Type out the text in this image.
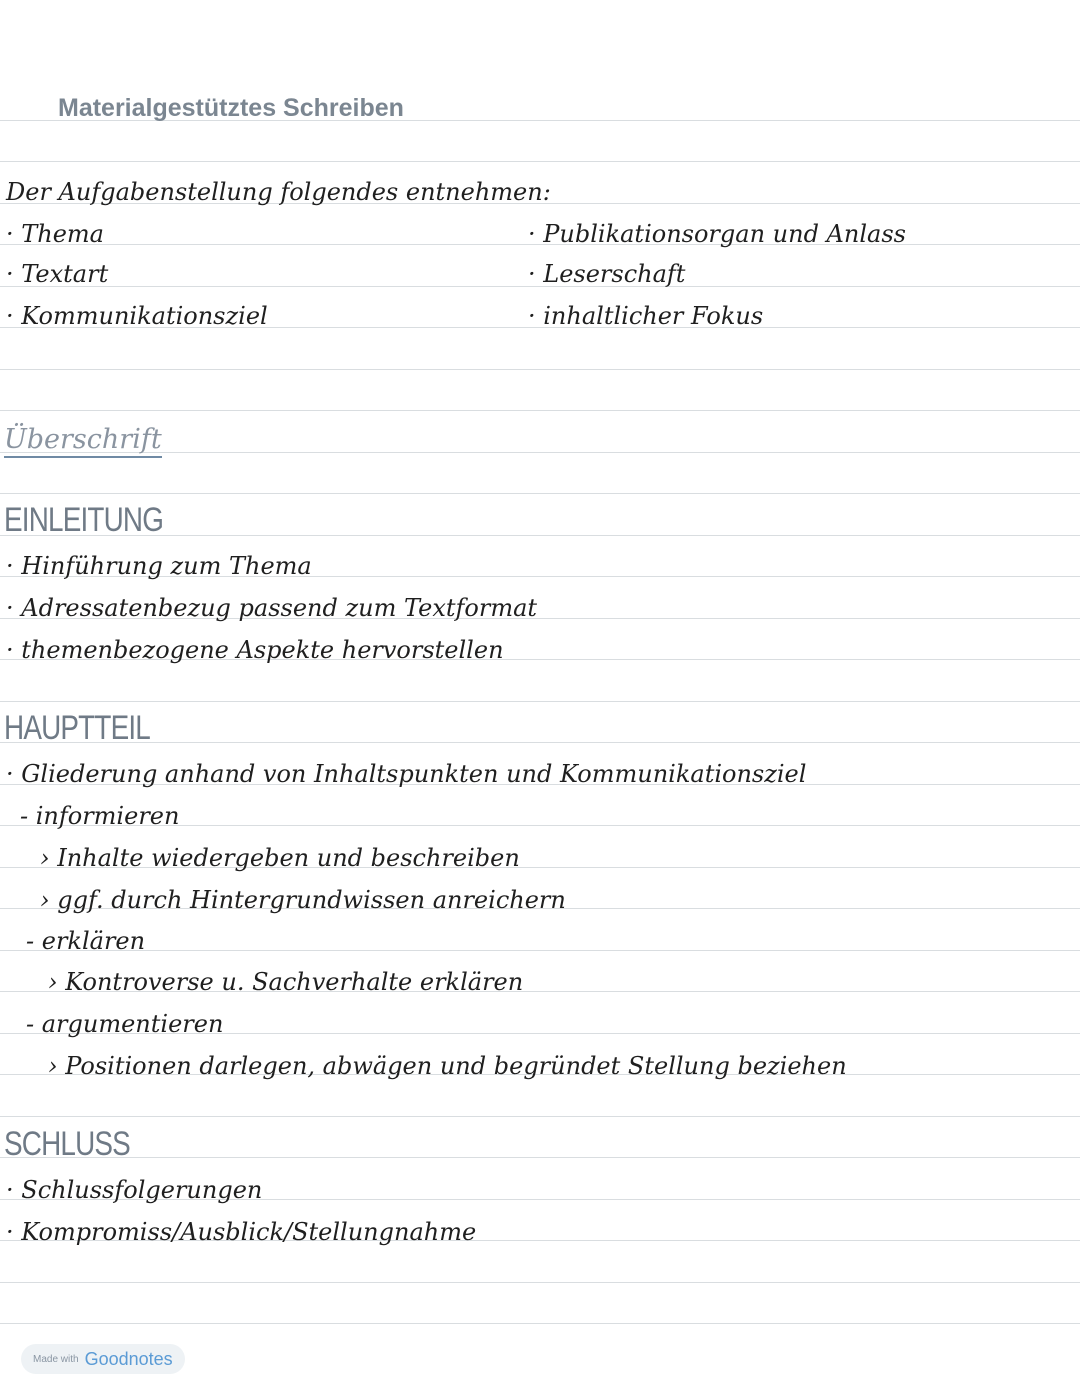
Materialgestütztes Schreiben
Der Aufgabenstellung folgendes entnehmen:
· Thema
· Textart
· Kommunikationsziel
· Publikationsorgan und Anlass
· Leserschaft
· inhaltlicher Fokus
Überschrift
EINLEITUNG
· Hinführung zum Thema
· Adressatenbezug passend zum Textformat
· themenbezogene Aspekte hervorstellen
HAUPTTEIL
· Gliederung anhand von Inhaltspunkten und Kommunikationsziel
- informieren
› Inhalte wiedergeben und beschreiben
› ggf. durch Hintergrundwissen anreichern
- erklären
› Kontroverse u. Sachverhalte erklären
- argumentieren
› Positionen darlegen, abwägen und begründet Stellung beziehen
SCHLUSS
· Schlussfolgerungen
· Kompromiss/Ausblick/Stellungnahme
Made with Goodnotes
